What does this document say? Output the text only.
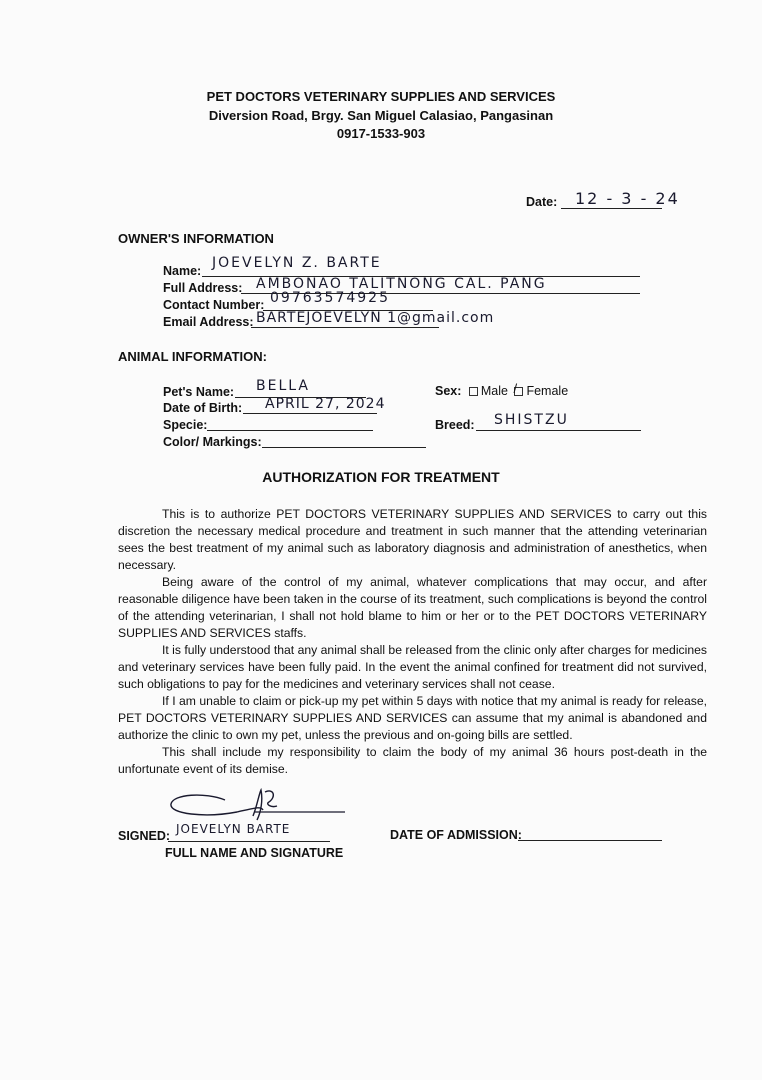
PET DOCTORS VETERINARY SUPPLIES AND SERVICES
Diversion Road, Brgy. San Miguel Calasiao, Pangasinan
0917-1533-903
Date: 12 - 3 - 24
OWNER'S INFORMATION
Name: JOEVELYN Z. BARTE
Full Address: AMBONAO TALITNONG CAL. PANG
Contact Number: 09763574925
Email Address: BARTEJOEVELYN 1@gmail.com
ANIMAL INFORMATION:
Pet's Name: BELLA
Date of Birth: APRIL 27, 2024
Specie:
Color/ Markings:
Sex: Male / Female
Breed: SHISTZU
AUTHORIZATION FOR TREATMENT

This is to authorize PET DOCTORS VETERINARY SUPPLIES AND SERVICES to carry out this discretion the necessary medical procedure and treatment in such manner that the attending veterinarian sees the best treatment of my animal such as laboratory diagnosis and administration of anesthetics, when necessary.

Being aware of the control of my animal, whatever complications that may occur, and after reasonable diligence have been taken in the course of its treatment, such complications is beyond the control of the attending veterinarian, I shall not hold blame to him or her or to the PET DOCTORS VETERINARY SUPPLIES AND SERVICES staffs.

It is fully understood that any animal shall be released from the clinic only after charges for medicines and veterinary services have been fully paid. In the event the animal confined for treatment did not survived, such obligations to pay for the medicines and veterinary services shall not cease.

If I am unable to claim or pick-up my pet within 5 days with notice that my animal is ready for release, PET DOCTORS VETERINARY SUPPLIES AND SERVICES can assume that my animal is abandoned and authorize the clinic to own my pet, unless the previous and on-going bills are settled.

This shall include my responsibility to claim the body of my animal 36 hours post-death in the unfortunate event of its demise.

SIGNED: JOEVELYN BARTE
FULL NAME AND SIGNATURE
DATE OF ADMISSION:
